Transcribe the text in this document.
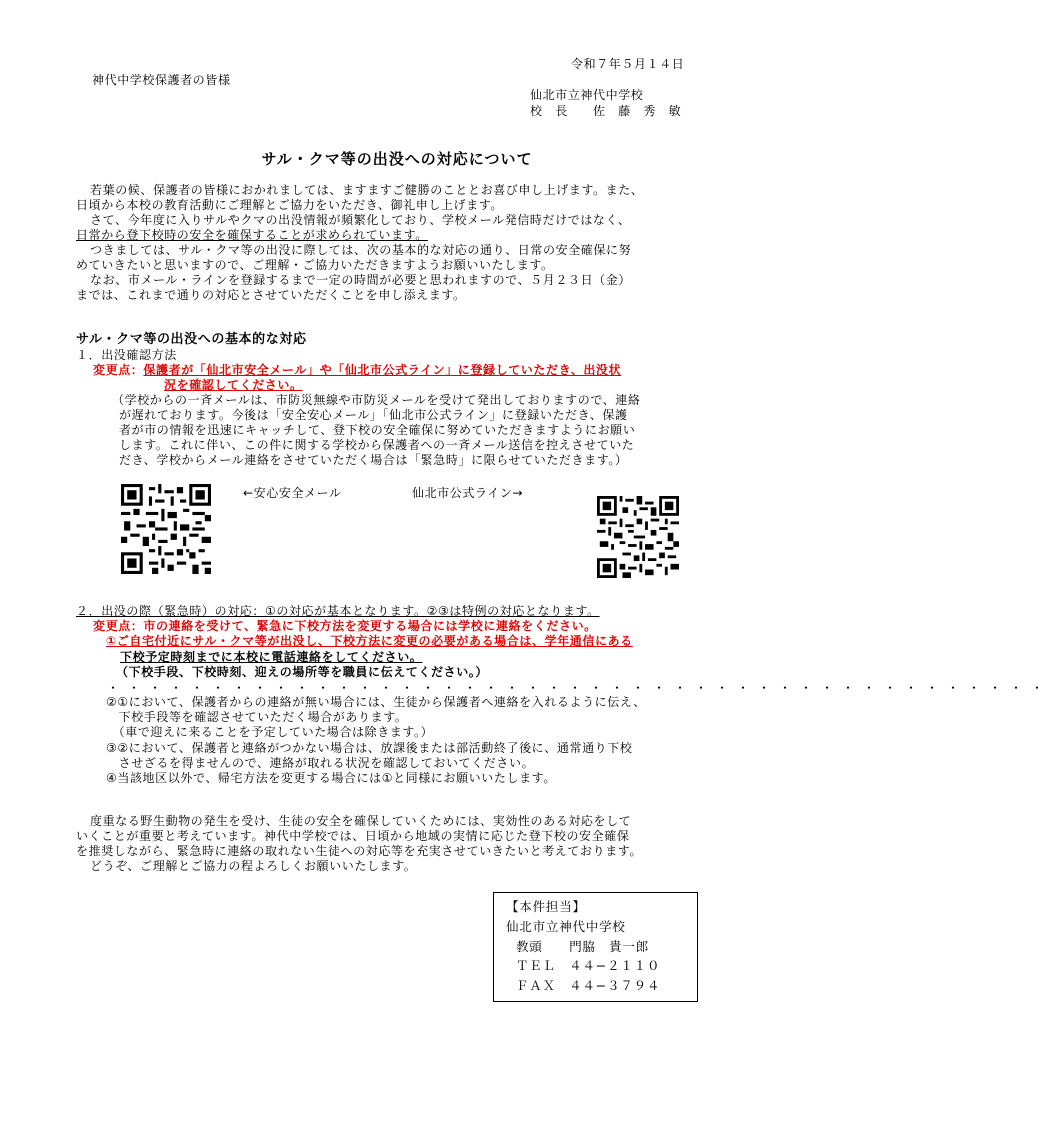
令和７年５月１４日
神代中学校保護者の皆様
仙北市立神代中学校
校　長　　佐　藤　秀　敏
サル・クマ等の出没への対応について
若葉の候、保護者の皆様におかれましては、ますますご健勝のこととお喜び申し上げます。また、
日頃から本校の教育活動にご理解とご協力をいただき、御礼申し上げます。
さて、今年度に入りサルやクマの出没情報が頻繁化しており、学校メール発信時だけではなく、
日常から登下校時の安全を確保することが求められています。
つきましては、サル・クマ等の出没に際しては、次の基本的な対応の通り、日常の安全確保に努
めていきたいと思いますので、ご理解・ご協力いただきますようお願いいたします。
なお、市メール・ラインを登録するまで一定の時間が必要と思われますので、５月２３日（金）
までは、これまで通りの対応とさせていただくことを申し添えます。
サル・クマ等の出没への基本的な対応
１．出没確認方法
変更点：保護者が「仙北市安全メール」や「仙北市公式ライン」に登録していただき、出没状
況を確認してください。
（学校からの一斉メールは、市防災無線や市防災メールを受けて発出しておりますので、連絡
が遅れております。今後は「安全安心メール」「仙北市公式ライン」に登録いただき、保護
者が市の情報を迅速にキャッチして、登下校の安全確保に努めていただきますようにお願い
します。これに伴い、この件に関する学校から保護者への一斉メール送信を控えさせていた
だき、学校からメール連絡をさせていただく場合は「緊急時」に限らせていただきます。）
←安心安全メール	仙北市公式ライン→
２．出没の際（緊急時）の対応：①の対応が基本となります。②③は特例の対応となります。
変更点：市の連絡を受けて、緊急に下校方法を変更する場合には学校に連絡をください。
①ご自宅付近にサル・クマ等が出没し、下校方法に変更の必要がある場合は、学年通信にある
下校予定時刻までに本校に電話連絡をしてください。
（下校手段、下校時刻、迎えの場所等を職員に伝えてください。）
・・・・・・・・・・・・・・・・・・・・・・・・・・・・・・・・・・・・・・・・・・・・・
②①において、保護者からの連絡が無い場合には、生徒から保護者へ連絡を入れるように伝え、
　下校手段等を確認させていただく場合があります。
　（車で迎えに来ることを予定していた場合は除きます。）
③②において、保護者と連絡がつかない場合は、放課後または部活動終了後に、通常通り下校
　させざるを得ませんので、連絡が取れる状況を確認しておいてください。
④当該地区以外で、帰宅方法を変更する場合には①と同様にお願いいたします。
度重なる野生動物の発生を受け、生徒の安全を確保していくためには、実効性のある対応をして
いくことが重要と考えています。神代中学校では、日頃から地域の実情に応じた登下校の安全確保
を推奨しながら、緊急時に連絡の取れない生徒への対応等を充実させていきたいと考えております。
どうぞ、ご理解とご協力の程よろしくお願いいたします。
【本件担当】
仙北市立神代中学校
教頭　　門脇　貴一郎
ＴＥＬ　４４−２１１０
ＦＡＸ　４４−３７９４
